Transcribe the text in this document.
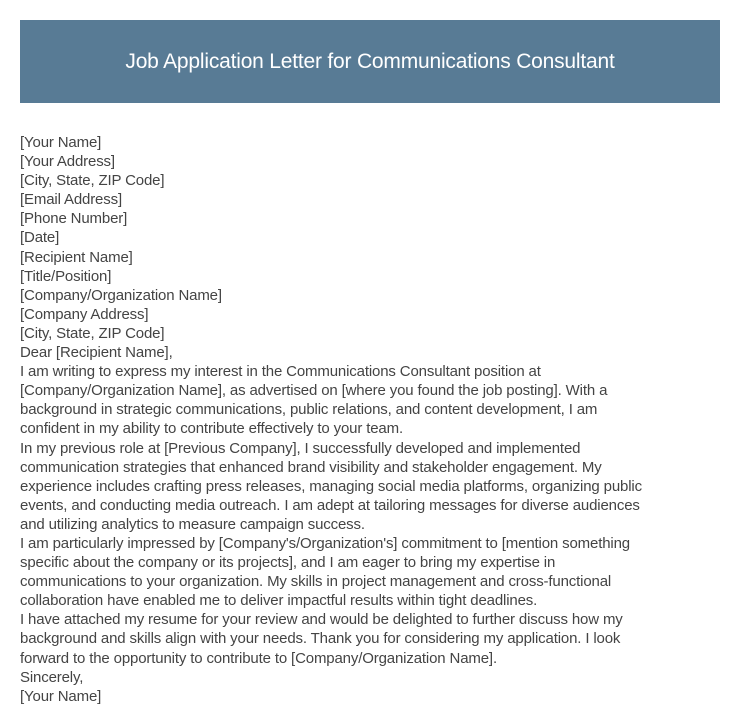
Job Application Letter for Communications Consultant
[Your Name]
[Your Address]
[City, State, ZIP Code]
[Email Address]
[Phone Number]
[Date]
[Recipient Name]
[Title/Position]
[Company/Organization Name]
[Company Address]
[City, State, ZIP Code]
Dear [Recipient Name],
I am writing to express my interest in the Communications Consultant position at
[Company/Organization Name], as advertised on [where you found the job posting]. With a
background in strategic communications, public relations, and content development, I am
confident in my ability to contribute effectively to your team.
In my previous role at [Previous Company], I successfully developed and implemented
communication strategies that enhanced brand visibility and stakeholder engagement. My
experience includes crafting press releases, managing social media platforms, organizing public
events, and conducting media outreach. I am adept at tailoring messages for diverse audiences
and utilizing analytics to measure campaign success.
I am particularly impressed by [Company's/Organization's] commitment to [mention something
specific about the company or its projects], and I am eager to bring my expertise in
communications to your organization. My skills in project management and cross-functional
collaboration have enabled me to deliver impactful results within tight deadlines.
I have attached my resume for your review and would be delighted to further discuss how my
background and skills align with your needs. Thank you for considering my application. I look
forward to the opportunity to contribute to [Company/Organization Name].
Sincerely,
[Your Name]
